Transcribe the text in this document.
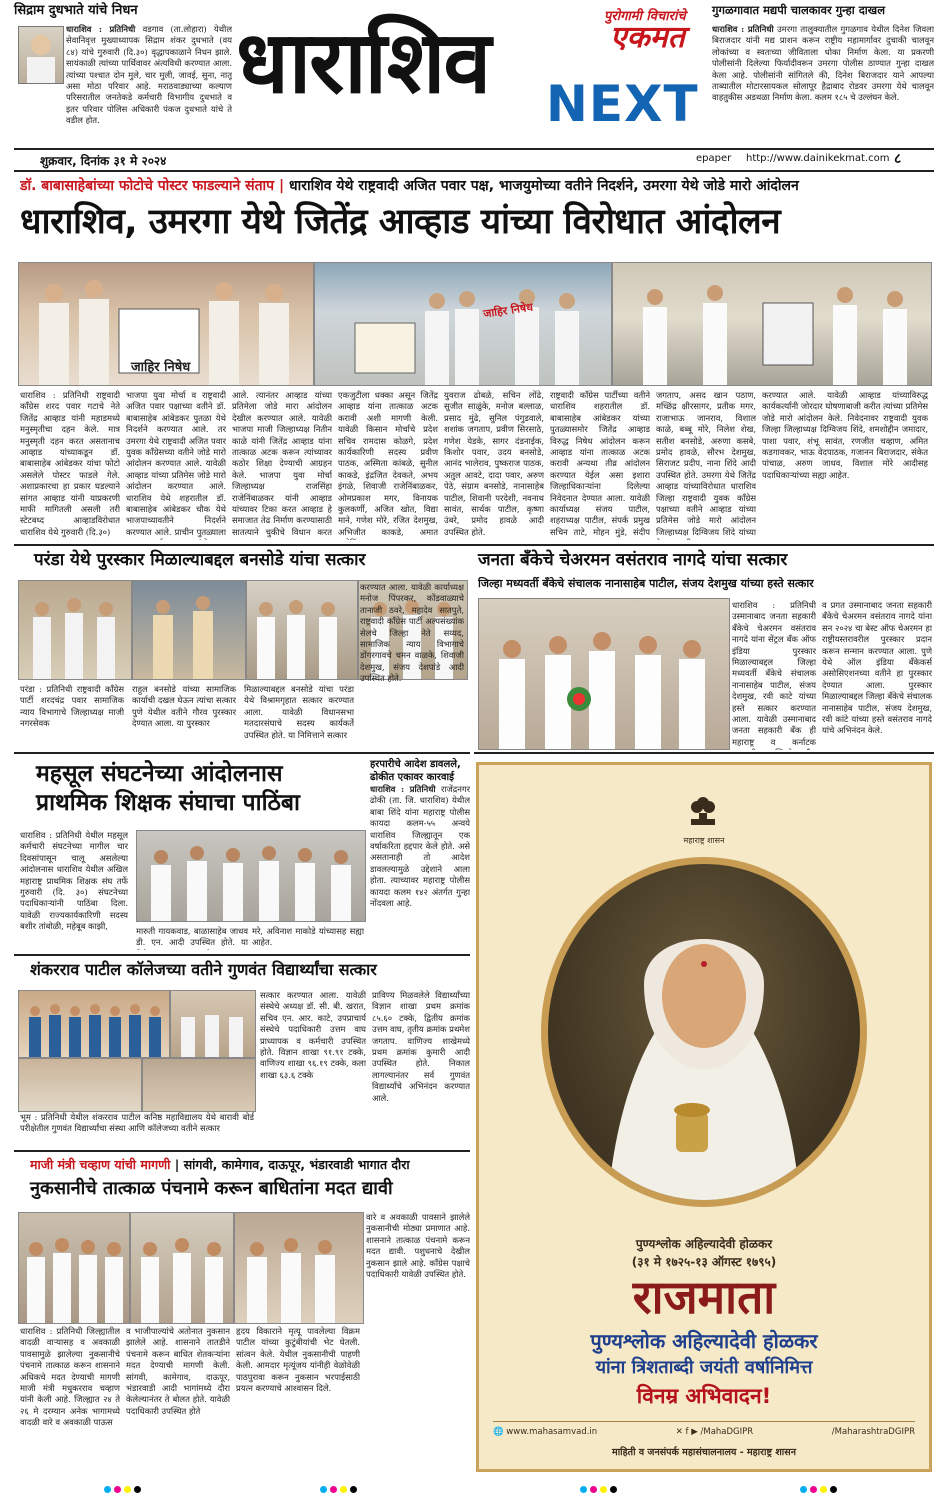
सिद्राम दुधभाते यांचे निधन
धाराशिव : प्रतिनिधी वडगाव (ता.लोहारा) येथील सेवानिवृत्त मुख्याध्यापक सिद्राम शंकर दुधभाते (वय ८४) यांचे गुरुवारी (दि.३०) वृद्धापकाळाने निधन झाले. सायंकाळी त्यांच्या पार्थिवावर अंत्यविधी करण्यात आला. त्यांच्या पश्चात दोन मुले, चार मुली, जावई, सुना, नातू असा मोठा परिवार आहे. मराठवाड्याच्या कल्याण परिसरातील जनतेकडे कर्मचारी विभागीय दुधभाते व इतर परिवार पोलिस अधिकारी पंकज दुधभाते यांचे ते वडील होत.
धाराशिव	पुरोगामी विचारांचे
एकमत
NEXT
गुगळगावात मद्यपी चालकावर गुन्हा दाखल
धाराशिव : प्रतिनिधी उमरगा तालुक्यातील गुगळगाव येथील दिनेश जिवला बिराजदार यांनी मद्य प्राशन करून राष्ट्रीय महामार्गावर दुचाकी चालवून लोकांच्या व स्वतःच्या जीविताला धोका निर्माण केला. या प्रकरणी पोलीसांनी दिलेल्या फिर्यादीवरून उमरगा पोलीस ठाण्यात गुन्हा दाखल केला आहे. पोलीसांनी सांगितले की, दिनेश बिराजदार याने आपल्या ताब्यातील मोटारसायकल सोलापूर हैद्राबाद रोडवर उमरगा येथे चालवून वाहतुकीस अडथळा निर्माण केला. कलम १८५ चे उल्लंघन केले.
शुक्रवार, दिनांक ३१ मे २०२४	epaper http://www.dainikekmat.com ८
डॉ. बाबासाहेबांच्या फोटोचे पोस्टर फाडल्याने संताप | धाराशिव येथे राष्ट्रवादी अजित पवार पक्ष, भाजयुमोच्या वतीने निदर्शने, उमरगा येथे जोडे मारो आंदोलन
धाराशिव, उमरगा येथे जितेंद्र आव्हाड यांच्या विरोधात आंदोलन
जाहिर निषेध
जाहिर निषेध
धाराशिव : प्रतिनिधी राष्ट्रवादी काँग्रेस शरद पवार गटाचे नेते जितेंद्र आव्हाड यांनी महाडमध्ये मनुस्मृतीचा दहन केले. मात्र मनुस्मृती दहन करत असतानाच आव्हाड यांच्याकडून डॉ. बाबासाहेब आंबेडकर यांचा फोटो असलेले पोस्टर फाडले गेले. अशाप्रकारचा हा प्रकार घडल्याने सांगत आव्हाड यांनी याप्रकरणी माफी मागितली असली तरी स्टेटबध्द आव्हाडविरोधात धाराशिव येथे गुरुवारी (दि.३०)
भाजपा युवा मोर्चा व राष्ट्रवादी अजित पवार पक्षाच्या वतीने डॉ. बाबासाहेब आंबेडकर पुतळा येथे निदर्शने करण्यात आले. तर उमरगा येथे राष्ट्रवादी अजित पवार युवक काँग्रेसच्या वतीने जोडे मारो आंदोलन करण्यात आले. यावेळी आव्हाड यांच्या प्रतिमेस जोडे मारो आंदोलन करण्यात आले. धाराशिव येथे शहरातील डॉ. बाबासाहेब आंबेडकर चौक येथे भाजपाच्यावतीने निदर्शने करण्यात आले. प्राचीन पुतळ्याला
आले. त्यानंतर आव्हाड यांच्या प्रतिमेला जोडे मारा आंदोलन देखील करण्यात आले. यावेळी भाजपा माजी जिल्हाध्यक्ष नितीन काळे यांनी जितेंद्र आव्हाड यांना तात्काळ अटक करून त्यांच्यावर कठोर शिक्षा देण्याची आग्रहन केले. भाजपा युवा मोर्चा जिल्हाध्यक्ष राजसिंहा राजेनिंबाळकर यांनी आव्हाड यांच्यावर टिका करत आव्हाड हे समाजात तेढ निर्माण करण्यासाठी सातत्याने चुकीचे विधान करत
एकजुटीला धक्का असून जितेंद्र आव्हाड यांना तात्काळ अटक करावी अशी मागणी केली. यावेळी किसान मोर्चाचे प्रदेश सचिव रामदास कोळगे, प्रदेश कार्यकारिणी सदस्य प्रवीण पाठक, अस्मिता कांबळे, सुनील काकडे, इंद्रजित देवकते, अभय इंगळे, शिवाजी राजेनिंबाळकर, ओमप्रकाश मगर, विनायक कुलकर्णी, अजित खोत, विद्या माने, गणेश मोरे, रजित देशमुख, अभिजीत काकडे, अमात
युवराज ढोबळे, सचिन लोंढे, सुजीत साळुंके, मनोज बल्लाळ, प्रसाद मुंढे, सुनिल पंगुडवाले, शशांक जगताप, प्रवीण सिरसाठे, गणेश येडके, सागर दंडनाईक, किशोर पवार, उदय बनसोडे, आनंद भालेराव, पुष्कराज पाठक, अतुल आवटे, दादा पवार, अरुण पेठे, संग्राम बनसोडे, नानासाहेब पाटील, शिवानी परदेशी, नवनाथ सावंत, सार्थक पाटील, कृष्णा उंबरे, प्रमोद हावळे आदी उपस्थित होते.
राष्ट्रवादी काँग्रेस पार्टीच्या वतीने धाराशिव शहरातील डॉ. बाबासाहेब आंबेडकर यांच्या पुतळ्यासमोर जितेंद्र आव्हाड विरुद्ध निषेध आंदोलन करून आव्हाड यांना तात्काळ अटक करावी अन्यथा तीव्र आंदोलन करण्यात येईल असा इशारा जिल्हाधिकाऱ्यांना दिलेल्या निवेदनात देण्यात आला. यावेळी कार्याध्यक्ष संजय पाटील, शहराध्यक्ष पाटील, संपर्क प्रमुख सचिन ताटे, मोहन मुंडे, संदीप
जगताप, असद खान पठाण, मच्छिंद्र क्षीरसागर, प्रतीक मगर, राजाभाऊ जानराव, विशाल काळे, बब्बू मोरे, निलेश शेख, सतीश बनसोडे, अरुणा कसबे, प्रमोद हावळे, सौरभ देशमुख, सिराजट प्रदीप, नाना शिंदे आदी उपस्थित होते. उमरगा येथे जितेंद्र आव्हाड यांच्याविरोधात धाराशिव जिल्हा राष्ट्रवादी युवक काँग्रेस पक्षाच्या वतीने आव्हाड यांच्या प्रतिमेस जोडे मारो आंदोलन जिल्हाध्यक्ष दिग्विजय शिंदे यांच्या
करण्यात आले. यावेळी आव्हाड यांच्याविरुद्ध कार्यकर्त्यांनी जोरदार घोषणाबाजी करीत त्यांच्या प्रतिमेस जोडे मारो आंदोलन केले. निवेदनावर राष्ट्रवादी युवक जिल्हा जिल्हाध्यक्ष दिग्विजय शिंदे, शमशोद्दीन जमादार, पाशा पवार, शंभू सावंत, रणजीत चव्हाण, अमित कडगावकर, भाऊ वेदपाठक, गजानन बिराजदार, संकेत पांचाळ, अरुण जाधव, विशाल मोरे आदीसह पदाधिकाऱ्यांच्या सह्या आहेत.
परंडा येथे पुरस्कार मिळाल्याबद्दल बनसोडे यांचा सत्कार
परंडा : प्रतिनिधी राष्ट्रवादी काँग्रेस पार्टी शरदचंद्र पवार सामाजिक न्याय विभागाचे जिल्हाध्यक्ष माजी नगरसेवक
राहुल बनसोडे यांच्या सामाजिक कार्याची दखल घेऊन त्यांचा सत्कार पुणे येथील वतीने गौरव पुरस्कार देण्यात आला. या पुरस्कार
मिळाल्याबद्दल बनसोडे यांचा परंडा येथे विश्रामगृहात सत्कार करण्यात आला. यावेळी विधानसभा मतदारसंघाचे सदस्य कार्यकर्ते उपस्थित होते. या निमित्ताने सत्कार
करण्यात आला. यावेळी कार्याध्यक्ष मनोज पिंपरकर, कोंडवाळ्याचे तानाजी ठवरे, महादेव सातपुते, राष्ट्रवादी काँग्रेस पार्टी अल्पसंख्यांक सेलचे जिल्हा नेते सय्यद, सामाजिक न्याय विभागाचे डोंगरगावचे चमन वाळके, शिवाजी देशमुख, संजय देशपांडे आदी उपस्थित होते.
जनता बँकेचे चेअरमन वसंतराव नागदे यांचा सत्कार
जिल्हा मध्यवर्ती बँकेचे संचालक नानासाहेब पाटील, संजय देशमुख यांच्या हस्ते सत्कार
धाराशिव : प्रतिनिधी उस्मानाबाद जनता सहकारी बँकेचे चेअरमन वसंतराव नागदे यांना सेंट्रल बँक ऑफ इंडिया पुरस्कार मिळाल्याबद्दल जिल्हा मध्यवर्ती बँकेचे संचालक नानासाहेब पाटील, संजय देशमुख, रवी काटे यांच्या हस्ते सत्कार करण्यात आला. यावेळी उस्मानाबाद जनता सहकारी बँक ही महाराष्ट्र व कर्नाटक
व प्रगत उस्मानाबाद जनता सहकारी बँकेचे चेअरमन वसंतराव नागदे यांना सन २०२४ चा बेस्ट ऑफ चेअरमन हा राष्ट्रीयस्तरावरील पुरस्कार प्रदान करून सन्मान करण्यात आला. पुणे येथे ऑल इंडिया बँकेकर्स असोसिएशनच्या वतीने हा पुरस्कार देण्यात आला. पुरस्कार मिळाल्याबद्दल जिल्हा बँकेचे संचालक नानासाहेब पाटील, संजय देशमुख, रवी कांटे यांच्या हस्ते वसंतराव नागदे यांचे अभिनंदन केले.
महसूल संघटनेच्या आंदोलनास प्राथमिक शिक्षक संघाचा पाठिंबा
धाराशिव : प्रतिनिधी येथील महसूल कर्मचारी संघटनेच्या मागील चार दिवसांपासून चालू असलेल्या आंदोलनास धाराशिव येथील अखिल महाराष्ट्र प्राथमिक शिक्षक संघ तर्फे गुरुवारी (दि. ३०) संघटनेच्या पदाधिकाऱ्यांनी पाठिंबा दिला. यावेळी राज्यकार्यकारिणी सदस्य बशीर तांबोळी, महेबूब काझी,	मारुती गायकवाड, बाळासाहेब जाधव डी. एन. आदी उपस्थित होते. या
मरे, अविनाश माकोडे यांच्यासह सह्या आहेत.
हरपारीचे आदेश डावलले, ढोकीत एकावर कारवाई
धाराशिव : प्रतिनिधी राजेंद्रनगर ढोकी (ता. जि. धाराशिव) येथील बाबा शिंदे यांना महाराष्ट्र पोलीस कायदा कलम-५५ अन्वये धाराशिव जिल्ह्यातून एक वर्षाकरिता हद्दपार केले होते. असे असतानाही तो आदेश डावलल्यामुळे उद्देशाने आला होता. त्याच्यावर महाराष्ट्र पोलीस कायदा कलम १४२ अंतर्गत गुन्हा नोंदवला आहे.
शंकरराव पाटील कॉलेजच्या वतीने गुणवंत विद्यार्थ्यांचा सत्कार
भूम : प्रतिनिधी येथील शंकरराव पाटील कनिष्ठ महाविद्यालय येथे बारावी बोर्ड परीक्षेतील गुणवंत विद्यार्थ्यांचा संस्था आणि कॉलेजच्या वतीने सत्कार
सत्कार करण्यात आला. यावेळी संस्थेचे अध्यक्ष डॉ. सी. बी. खरात, सचिव एन. आर. काटे, उपप्राचार्य संस्थेचे पदाधिकारी उत्तम वाघ प्राध्यापक व कर्मचारी उपस्थित होते. विज्ञान शाखा ९१.९१ टक्के, वाणिज्य शाखा ९६.१९ टक्के, कला शाखा ६३.६ टक्के
प्राविण्य मिळवलेले विद्यार्थ्यांच्या विज्ञान शाखा प्रथम क्रमांक ८५.६० टक्के, द्वितीय क्रमांक उत्तम वाघ, तृतीय क्रमांक प्रथमेश जगताप. वाणिज्य शाखेमध्ये प्रथम क्रमांक कुमारी आदी उपस्थित होते. निकाल लागल्यानंतर सर्व गुणवंत विद्यार्थ्यांचे अभिनंदन करण्यात आले.
माजी मंत्री चव्हाण यांची मागणी | सांगवी, कामेगाव, दाऊपूर, भंडारवाडी भागात दौरा
नुकसानीचे तात्काळ पंचनामे करून बाधितांना मदत द्यावी
धाराशिव : प्रतिनिधी जिल्ह्यातील वादळी वाऱ्यासह व अवकाळी पावसामुळे झालेल्या नुकसानीचे पंचनामे तात्काळ करून शासनाने अधिकचे मदत देण्याची मागणी माजी मंत्री मधुकरराव चव्हाण यांनी केली आहे. जिल्ह्यात २४ ते २६ मे दरम्यान अनेक भागामध्ये वादळी वारे व अवकाळी पाऊस
व भाजीपाल्यांचे अतोनात नुकसान झालेले आहे. शासनाने तातडीने पंचनामे करून बाधित शेतकऱ्यांना मदत देण्याची मागणी केली. सांगवी, कामेगाव, दाऊपूर, भंडारवाडी आदी भागांमध्ये दौरा केलेल्यानंतर ते बोलत होते. यावेळी पदाधिकारी उपस्थित होते
हृदय विकाराने मृत्यू पावलेल्या विक्रम पाटील यांच्या कुटुंबीयांची भेट घेतली. सांत्वन केले. येथील नुकसानीची पाहणी केली. आमदार मृत्यूंजय यांनीही वेळोवेळी पाठपुरावा करून नुकसान भरपाईसाठी प्रयत्न करण्याचे आश्वासन दिले.
वारे व अवकाळी पावसाने झालेले नुकसानीची मोठ्या प्रमाणात आहे. शासनाने तात्काळ पंचनामे करून मदत द्यावी. पशुधनाचे देखील नुकसान झाले आहे. कॉंग्रेस पक्षाचे पदाधिकारी यावेळी उपस्थित होते.
महाराष्ट्र शासन
पुण्यश्लोक अहिल्यादेवी होळकर
(३१ मे १७२५-१३ ऑगस्ट १७९५)
राजमाता
पुण्यश्लोक अहिल्यादेवी होळकर
यांना त्रिशताब्दी जयंती वर्षानिमित्त
विनम्र अभिवादन!
🌐 www.mahasamvad.in	✕ f ▶ /MahaDGIPR	/MaharashtraDGIPR
माहिती व जनसंपर्क महासंचालनालय - महाराष्ट्र शासन
